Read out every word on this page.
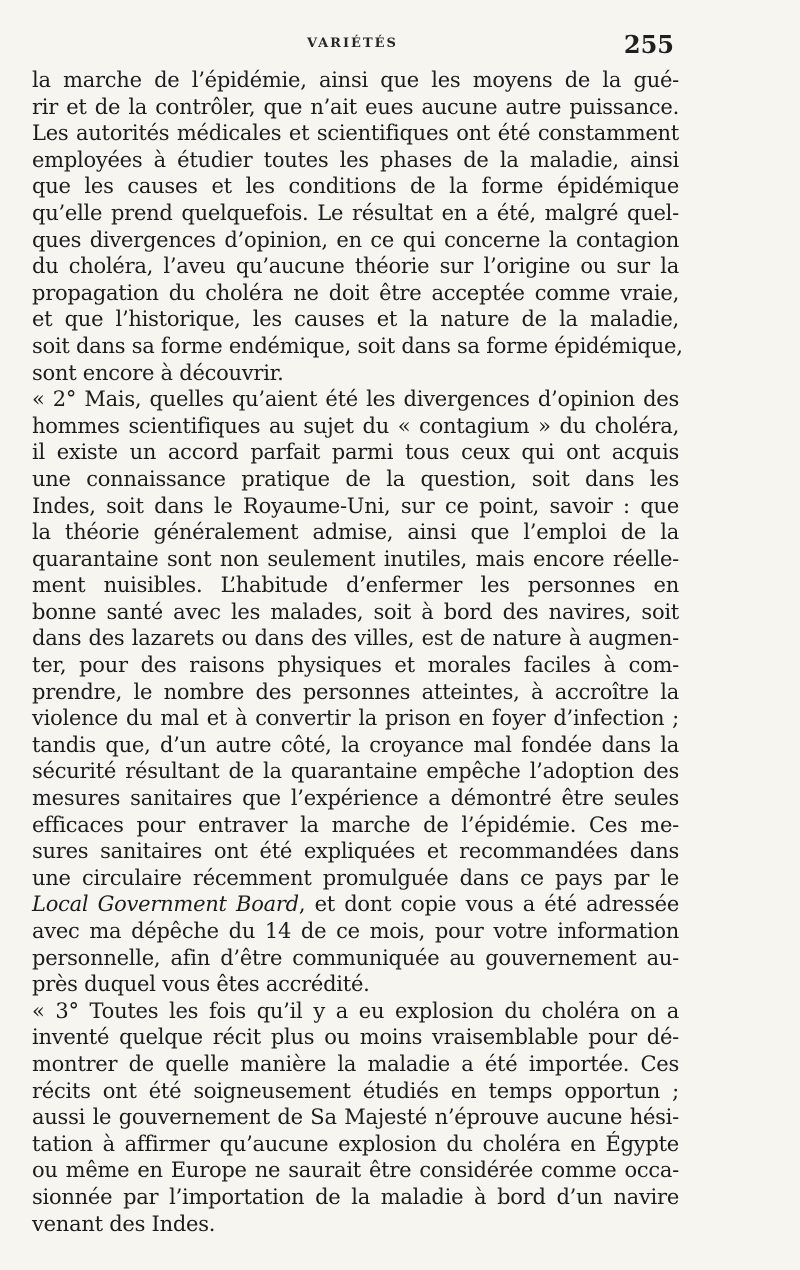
VARIÉTÉS	255
la marche de l’épidémie, ainsi que les moyens de la gué-
rir et de la contrôler, que n’ait eues aucune autre puissance.
Les autorités médicales et scientifiques ont été constamment
employées à étudier toutes les phases de la maladie, ainsi
que les causes et les conditions de la forme épidémique
qu’elle prend quelquefois. Le résultat en a été, malgré quel-
ques divergences d’opinion, en ce qui concerne la contagion
du choléra, l’aveu qu’aucune théorie sur l’origine ou sur la
propagation du choléra ne doit être acceptée comme vraie,
et que l’historique, les causes et la nature de la maladie,
soit dans sa forme endémique, soit dans sa forme épidémique,
sont encore à découvrir.
« 2° Mais, quelles qu’aient été les divergences d’opinion des
hommes scientifiques au sujet du « contagium » du choléra,
il existe un accord parfait parmi tous ceux qui ont acquis
une connaissance pratique de la question, soit dans les
Indes, soit dans le Royaume-Uni, sur ce point, savoir : que
la théorie généralement admise, ainsi que l’emploi de la
quarantaine sont non seulement inutiles, mais encore réelle-
ment nuisibles. L’habitude d’enfermer les personnes en
bonne santé avec les malades, soit à bord des navires, soit
dans des lazarets ou dans des villes, est de nature à augmen-
ter, pour des raisons physiques et morales faciles à com-
prendre, le nombre des personnes atteintes, à accroître la
violence du mal et à convertir la prison en foyer d’infection ;
tandis que, d’un autre côté, la croyance mal fondée dans la
sécurité résultant de la quarantaine empêche l’adoption des
mesures sanitaires que l’expérience a démontré être seules
efficaces pour entraver la marche de l’épidémie. Ces me-
sures sanitaires ont été expliquées et recommandées dans
une circulaire récemment promulguée dans ce pays par le
Local Government Board, et dont copie vous a été adressée
avec ma dépêche du 14 de ce mois, pour votre information
personnelle, afin d’être communiquée au gouvernement au-
près duquel vous êtes accrédité.
« 3° Toutes les fois qu’il y a eu explosion du choléra on a
inventé quelque récit plus ou moins vraisemblable pour dé-
montrer de quelle manière la maladie a été importée. Ces
récits ont été soigneusement étudiés en temps opportun ;
aussi le gouvernement de Sa Majesté n’éprouve aucune hési-
tation à affirmer qu’aucune explosion du choléra en Égypte
ou même en Europe ne saurait être considérée comme occa-
sionnée par l’importation de la maladie à bord d’un navire
venant des Indes.
